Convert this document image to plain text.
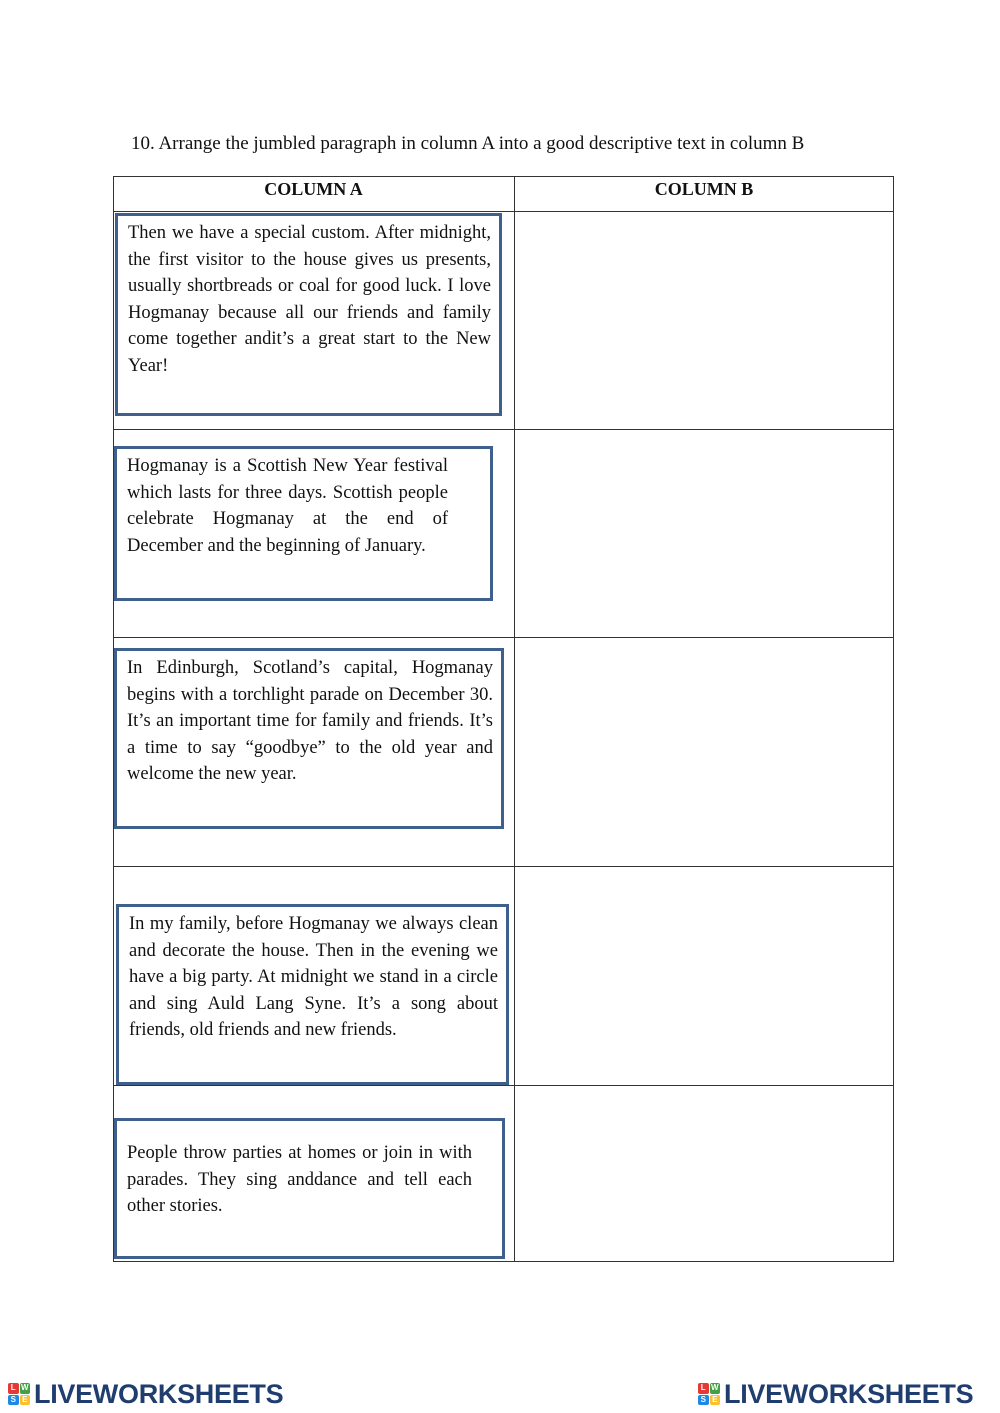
10. Arrange the jumbled paragraph in column A into a good descriptive text in column B
COLUMN A	COLUMN B
Then we have a special custom. After midnight, the first visitor to the house gives us presents, usually shortbreads or coal for good luck. I love Hogmanay because all our friends and family come together andit’s a great start to the New Year!
Hogmanay is a Scottish New Year festival which lasts for three days. Scottish people celebrate Hogmanay at the end of December and the beginning of January.
In Edinburgh, Scotland’s capital, Hogmanay begins with a torchlight parade on December 30. It’s an important time for family and friends. It’s a time to say “goodbye” to the old year and welcome the new year.
In my family, before Hogmanay we always clean and decorate the house. Then in the evening we have a big party. At midnight we stand in a circle and sing Auld Lang Syne. It’s a song about friends, old friends and new friends.
People throw parties at homes or join in with parades. They sing anddance and tell each other stories.
L W
S E LIVEWORKSHEETS	L W
S E LIVEWORKSHEETS
